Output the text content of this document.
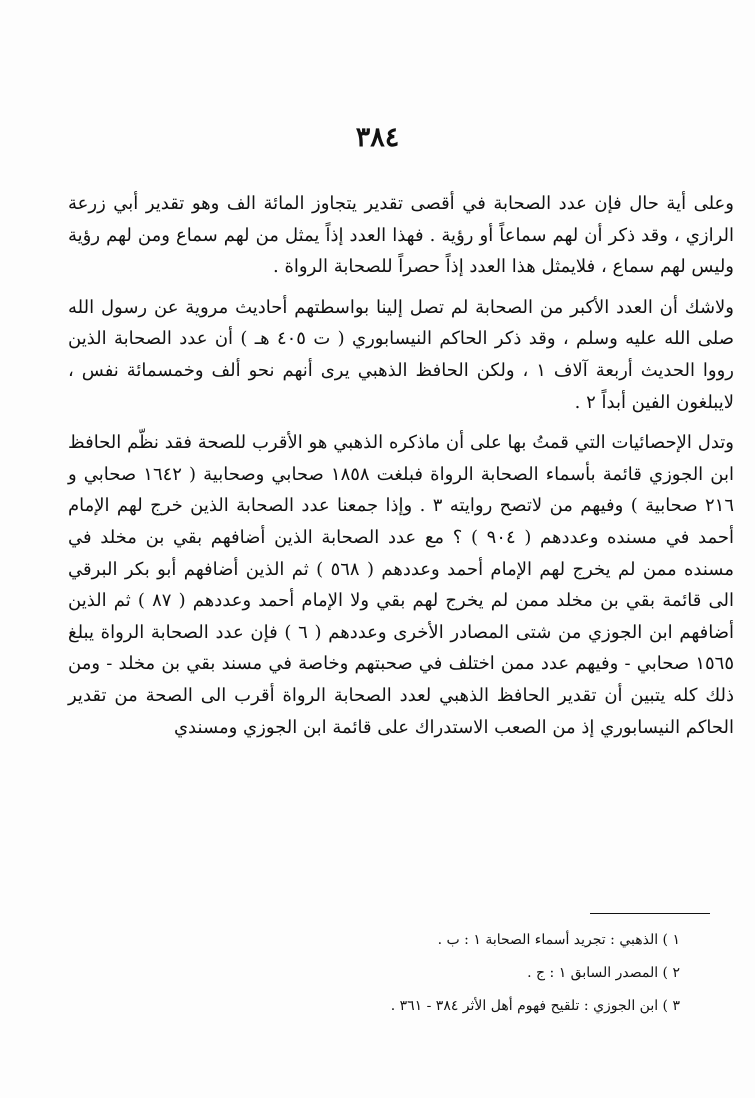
٣٨٤

وعلى أية حال فإن عدد الصحابة في أقصى تقدير يتجاوز المائة الف وهو تقدير أبي زرعة الرازي ، وقد ذكر أن لهم سماعاً أو رؤية . فهذا العدد إذاً يمثل من لهم سماع ومن لهم رؤية وليس لهم سماع ، فلايمثل هذا العدد إذاً حصراً للصحابة الرواة .

ولاشك أن العدد الأكبر من الصحابة لم تصل إلينا بواسطتهم أحاديث مروية عن رسول الله صلى الله عليه وسلم ، وقد ذكر الحاكم النيسابوري ( ت ٤٠٥ هـ ) أن عدد الصحابة الذين رووا الحديث أربعة آلاف ١ ، ولكن الحافظ الذهبي يرى أنهم نحو ألف وخمسمائة نفس ، لايبلغون الفين أبداً ٢ .

وتدل الإحصائيات التي قمتُ بها على أن ماذكره الذهبي هو الأقرب للصحة فقد نظّم الحافظ ابن الجوزي قائمة بأسماء الصحابة الرواة فبلغت ١٨٥٨ صحابي وصحابية ( ١٦٤٢ صحابي و ٢١٦ صحابية ) وفيهم من لاتصح روايته ٣ . وإذا جمعنا عدد الصحابة الذين خرج لهم الإمام أحمد في مسنده وعددهم ( ٩٠٤ ) ؟ مع عدد الصحابة الذين أضافهم بقي بن مخلد في مسنده ممن لم يخرج لهم الإمام أحمد وعددهم ( ٥٦٨ ) ثم الذين أضافهم أبو بكر البرقي الى قائمة بقي بن مخلد ممن لم يخرج لهم بقي ولا الإمام أحمد وعددهم ( ٨٧ ) ثم الذين أضافهم ابن الجوزي من شتى المصادر الأخرى وعددهم ( ٦ ) فإن عدد الصحابة الرواة يبلغ ١٥٦٥ صحابي - وفيهم عدد ممن اختلف في صحبتهم وخاصة في مسند بقي بن مخلد - ومن ذلك كله يتبين أن تقدير الحافظ الذهبي لعدد الصحابة الرواة أقرب الى الصحة من تقدير الحاكم النيسابوري إذ من الصعب الاستدراك على قائمة ابن الجوزي ومسندي

١ ) الذهبي : تجريد أسماء الصحابة ١ : ب .
٢ ) المصدر السابق ١ : ج .
٣ ) ابن الجوزي : تلقيح فهوم أهل الأثر ٣٨٤ - ٣٦١ .
